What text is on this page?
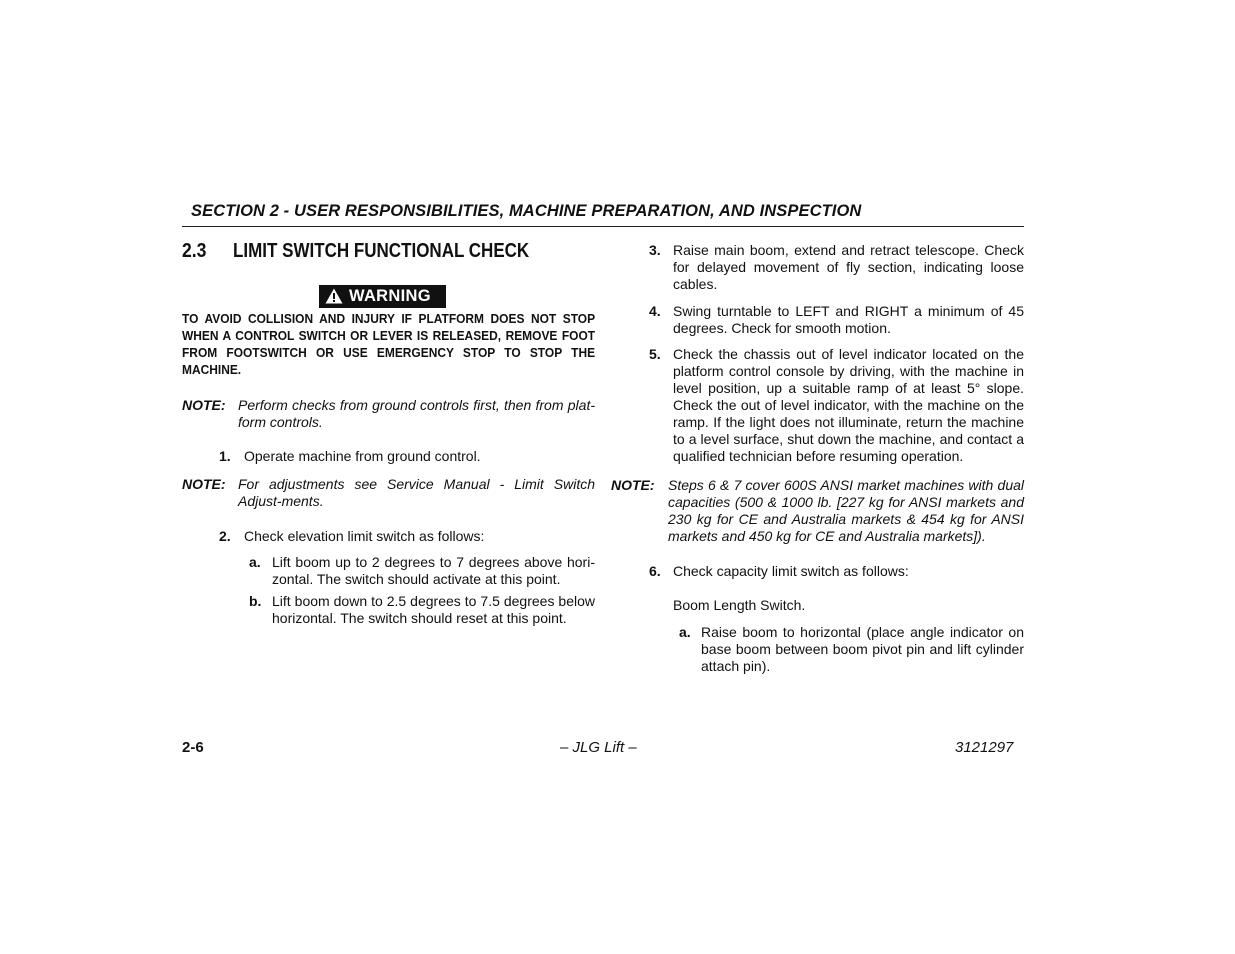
SECTION 2 - USER RESPONSIBILITIES, MACHINE PREPARATION, AND INSPECTION
2.3 LIMIT SWITCH FUNCTIONAL CHECK
WARNING
TO AVOID COLLISION AND INJURY IF PLATFORM DOES NOT STOP WHEN A CONTROL SWITCH OR LEVER IS RELEASED, REMOVE FOOT FROM FOOTSWITCH OR USE EMERGENCY STOP TO STOP THE MACHINE.
NOTE: Perform checks from ground controls first, then from plat-form controls.
1. Operate machine from ground control.
NOTE: For adjustments see Service Manual - Limit Switch Adjust-ments.
2. Check elevation limit switch as follows:
a. Lift boom up to 2 degrees to 7 degrees above hori-zontal. The switch should activate at this point.
b. Lift boom down to 2.5 degrees to 7.5 degrees below horizontal. The switch should reset at this point.
3. Raise main boom, extend and retract telescope. Check for delayed movement of fly section, indicating loose cables.
4. Swing turntable to LEFT and RIGHT a minimum of 45 degrees. Check for smooth motion.
5. Check the chassis out of level indicator located on the platform control console by driving, with the machine in level position, up a suitable ramp of at least 5° slope. Check the out of level indicator, with the machine on the ramp. If the light does not illuminate, return the machine to a level surface, shut down the machine, and contact a qualified technician before resuming operation.
NOTE: Steps 6 & 7 cover 600S ANSI market machines with dual capacities (500 & 1000 lb. [227 kg for ANSI markets and 230 kg for CE and Australia markets & 454 kg for ANSI markets and 450 kg for CE and Australia markets]).
6. Check capacity limit switch as follows:
Boom Length Switch.
a. Raise boom to horizontal (place angle indicator on base boom between boom pivot pin and lift cylinder attach pin).
2-6	– JLG Lift –	3121297
